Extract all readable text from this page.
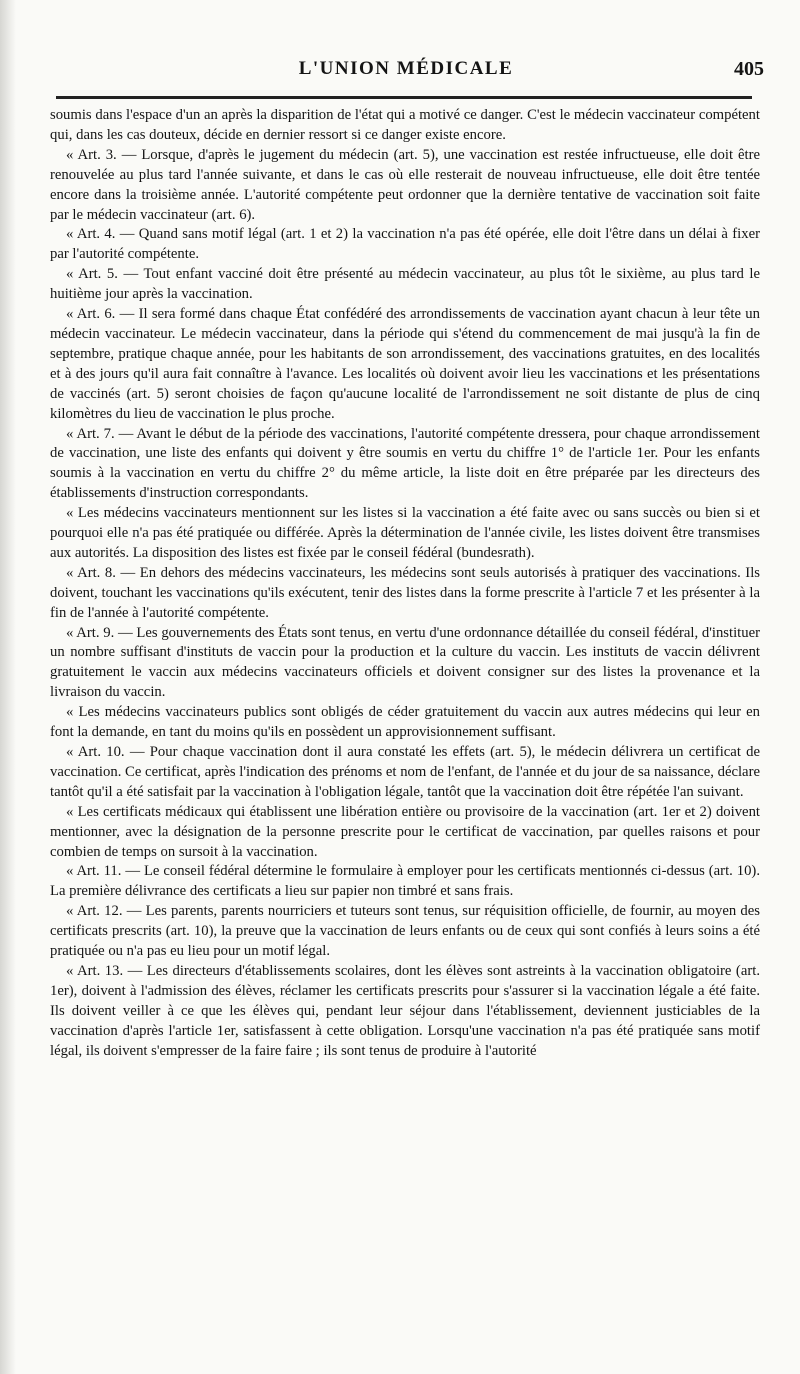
L'UNION MÉDICALE	405

soumis dans l'espace d'un an après la disparition de l'état qui a motivé ce danger. C'est le médecin vaccinateur compétent qui, dans les cas douteux, décide en dernier ressort si ce danger existe encore.

« Art. 3. — Lorsque, d'après le jugement du médecin (art. 5), une vaccination est restée infructueuse, elle doit être renouvelée au plus tard l'année suivante, et dans le cas où elle resterait de nouveau infructueuse, elle doit être tentée encore dans la troisième année. L'autorité compétente peut ordonner que la dernière tentative de vaccination soit faite par le médecin vaccinateur (art. 6).

« Art. 4. — Quand sans motif légal (art. 1 et 2) la vaccination n'a pas été opérée, elle doit l'être dans un délai à fixer par l'autorité compétente.

« Art. 5. — Tout enfant vacciné doit être présenté au médecin vaccinateur, au plus tôt le sixième, au plus tard le huitième jour après la vaccination.

« Art. 6. — Il sera formé dans chaque État confédéré des arrondissements de vaccination ayant chacun à leur tête un médecin vaccinateur. Le médecin vaccinateur, dans la période qui s'étend du commencement de mai jusqu'à la fin de septembre, pratique chaque année, pour les habitants de son arrondissement, des vaccinations gratuites, en des localités et à des jours qu'il aura fait connaître à l'avance. Les localités où doivent avoir lieu les vaccinations et les présentations de vaccinés (art. 5) seront choisies de façon qu'aucune localité de l'arrondissement ne soit distante de plus de cinq kilomètres du lieu de vaccination le plus proche.

« Art. 7. — Avant le début de la période des vaccinations, l'autorité compétente dressera, pour chaque arrondissement de vaccination, une liste des enfants qui doivent y être soumis en vertu du chiffre 1° de l'article 1er. Pour les enfants soumis à la vaccination en vertu du chiffre 2° du même article, la liste doit en être préparée par les directeurs des établissements d'instruction correspondants.

« Les médecins vaccinateurs mentionnent sur les listes si la vaccination a été faite avec ou sans succès ou bien si et pourquoi elle n'a pas été pratiquée ou différée. Après la détermination de l'année civile, les listes doivent être transmises aux autorités. La disposition des listes est fixée par le conseil fédéral (bundesrath).

« Art. 8. — En dehors des médecins vaccinateurs, les médecins sont seuls autorisés à pratiquer des vaccinations. Ils doivent, touchant les vaccinations qu'ils exécutent, tenir des listes dans la forme prescrite à l'article 7 et les présenter à la fin de l'année à l'autorité compétente.

« Art. 9. — Les gouvernements des États sont tenus, en vertu d'une ordonnance détaillée du conseil fédéral, d'instituer un nombre suffisant d'instituts de vaccin pour la production et la culture du vaccin. Les instituts de vaccin délivrent gratuitement le vaccin aux médecins vaccinateurs officiels et doivent consigner sur des listes la provenance et la livraison du vaccin.

« Les médecins vaccinateurs publics sont obligés de céder gratuitement du vaccin aux autres médecins qui leur en font la demande, en tant du moins qu'ils en possèdent un approvisionnement suffisant.

« Art. 10. — Pour chaque vaccination dont il aura constaté les effets (art. 5), le médecin délivrera un certificat de vaccination. Ce certificat, après l'indication des prénoms et nom de l'enfant, de l'année et du jour de sa naissance, déclare tantôt qu'il a été satisfait par la vaccination à l'obligation légale, tantôt que la vaccination doit être répétée l'an suivant.

« Les certificats médicaux qui établissent une libération entière ou provisoire de la vaccination (art. 1er et 2) doivent mentionner, avec la désignation de la personne prescrite pour le certificat de vaccination, par quelles raisons et pour combien de temps on sursoit à la vaccination.

« Art. 11. — Le conseil fédéral détermine le formulaire à employer pour les certificats mentionnés ci-dessus (art. 10). La première délivrance des certificats a lieu sur papier non timbré et sans frais.

« Art. 12. — Les parents, parents nourriciers et tuteurs sont tenus, sur réquisition officielle, de fournir, au moyen des certificats prescrits (art. 10), la preuve que la vaccination de leurs enfants ou de ceux qui sont confiés à leurs soins a été pratiquée ou n'a pas eu lieu pour un motif légal.

« Art. 13. — Les directeurs d'établissements scolaires, dont les élèves sont astreints à la vaccination obligatoire (art. 1er), doivent à l'admission des élèves, réclamer les certificats prescrits pour s'assurer si la vaccination légale a été faite. Ils doivent veiller à ce que les élèves qui, pendant leur séjour dans l'établissement, deviennent justiciables de la vaccination d'après l'article 1er, satisfassent à cette obligation. Lorsqu'une vaccination n'a pas été pratiquée sans motif légal, ils doivent s'empresser de la faire faire ; ils sont tenus de produire à l'autorité
